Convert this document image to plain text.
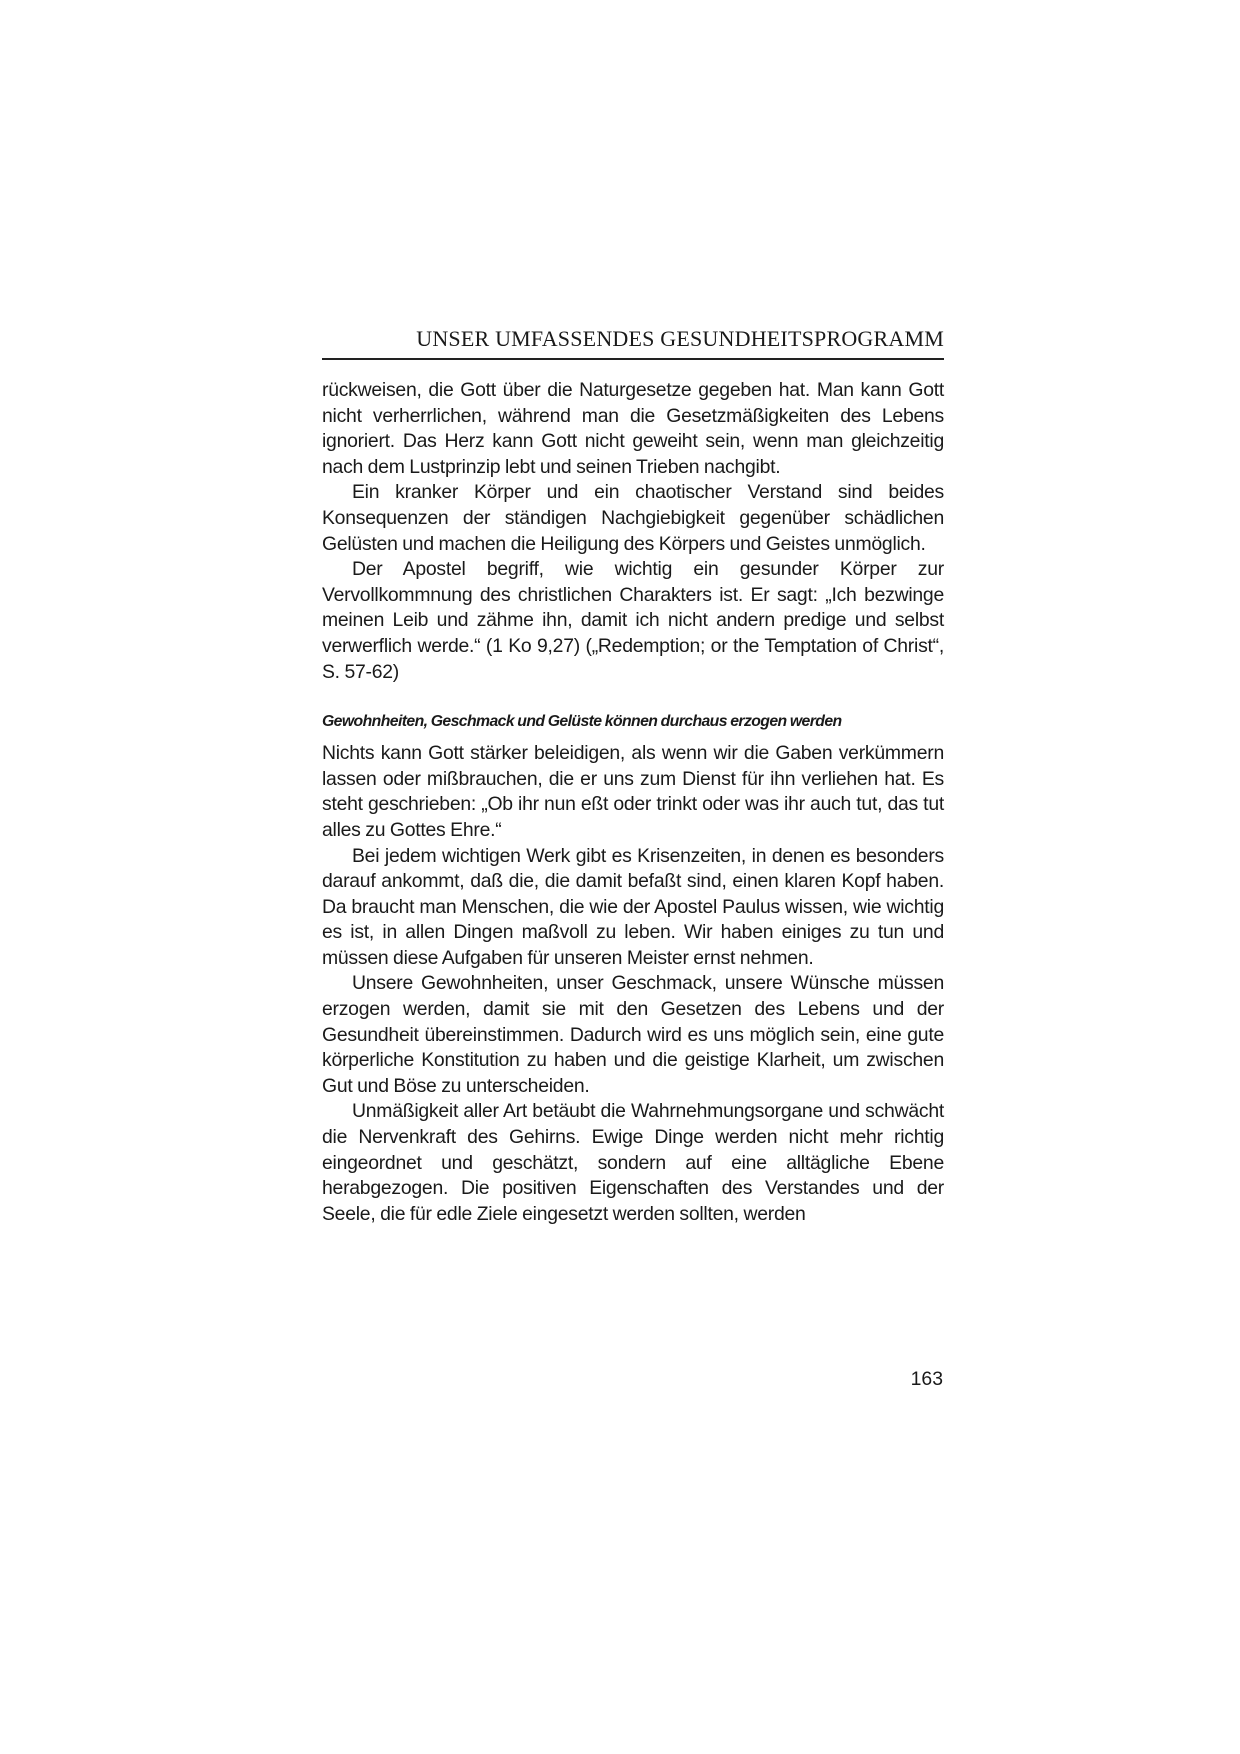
UNSER UMFASSENDES GESUNDHEITSPROGRAMM

rückweisen, die Gott über die Naturgesetze gegeben hat. Man kann Gott nicht verherrlichen, während man die Gesetzmäßigkeiten des Lebens ignoriert. Das Herz kann Gott nicht geweiht sein, wenn man gleichzeitig nach dem Lustprinzip lebt und seinen Trieben nachgibt.

Ein kranker Körper und ein chaotischer Verstand sind beides Konsequenzen der ständigen Nachgiebigkeit gegenüber schädlichen Gelüsten und machen die Heiligung des Körpers und Geistes unmöglich.

Der Apostel begriff, wie wichtig ein gesunder Körper zur Vervollkommnung des christlichen Charakters ist. Er sagt: „Ich bezwinge meinen Leib und zähme ihn, damit ich nicht andern predige und selbst verwerflich werde.“ (1 Ko 9,27) („Redemption; or the Temptation of Christ“, S. 57-62)

Gewohnheiten, Geschmack und Gelüste können durchaus erzogen werden

Nichts kann Gott stärker beleidigen, als wenn wir die Gaben verkümmern lassen oder mißbrauchen, die er uns zum Dienst für ihn verliehen hat. Es steht geschrieben: „Ob ihr nun eßt oder trinkt oder was ihr auch tut, das tut alles zu Gottes Ehre.“

Bei jedem wichtigen Werk gibt es Krisenzeiten, in denen es besonders darauf ankommt, daß die, die damit befaßt sind, einen klaren Kopf haben. Da braucht man Menschen, die wie der Apostel Paulus wissen, wie wichtig es ist, in allen Dingen maßvoll zu leben. Wir haben einiges zu tun und müssen diese Aufgaben für unseren Meister ernst nehmen.

Unsere Gewohnheiten, unser Geschmack, unsere Wünsche müssen erzogen werden, damit sie mit den Gesetzen des Lebens und der Gesundheit übereinstimmen. Dadurch wird es uns möglich sein, eine gute körperliche Konstitution zu haben und die geistige Klarheit, um zwischen Gut und Böse zu unterscheiden.

Unmäßigkeit aller Art betäubt die Wahrnehmungsorgane und schwächt die Nervenkraft des Gehirns. Ewige Dinge werden nicht mehr richtig eingeordnet und geschätzt, sondern auf eine alltägliche Ebene herabgezogen. Die positiven Eigenschaften des Verstandes und der Seele, die für edle Ziele eingesetzt werden sollten, werden

163
